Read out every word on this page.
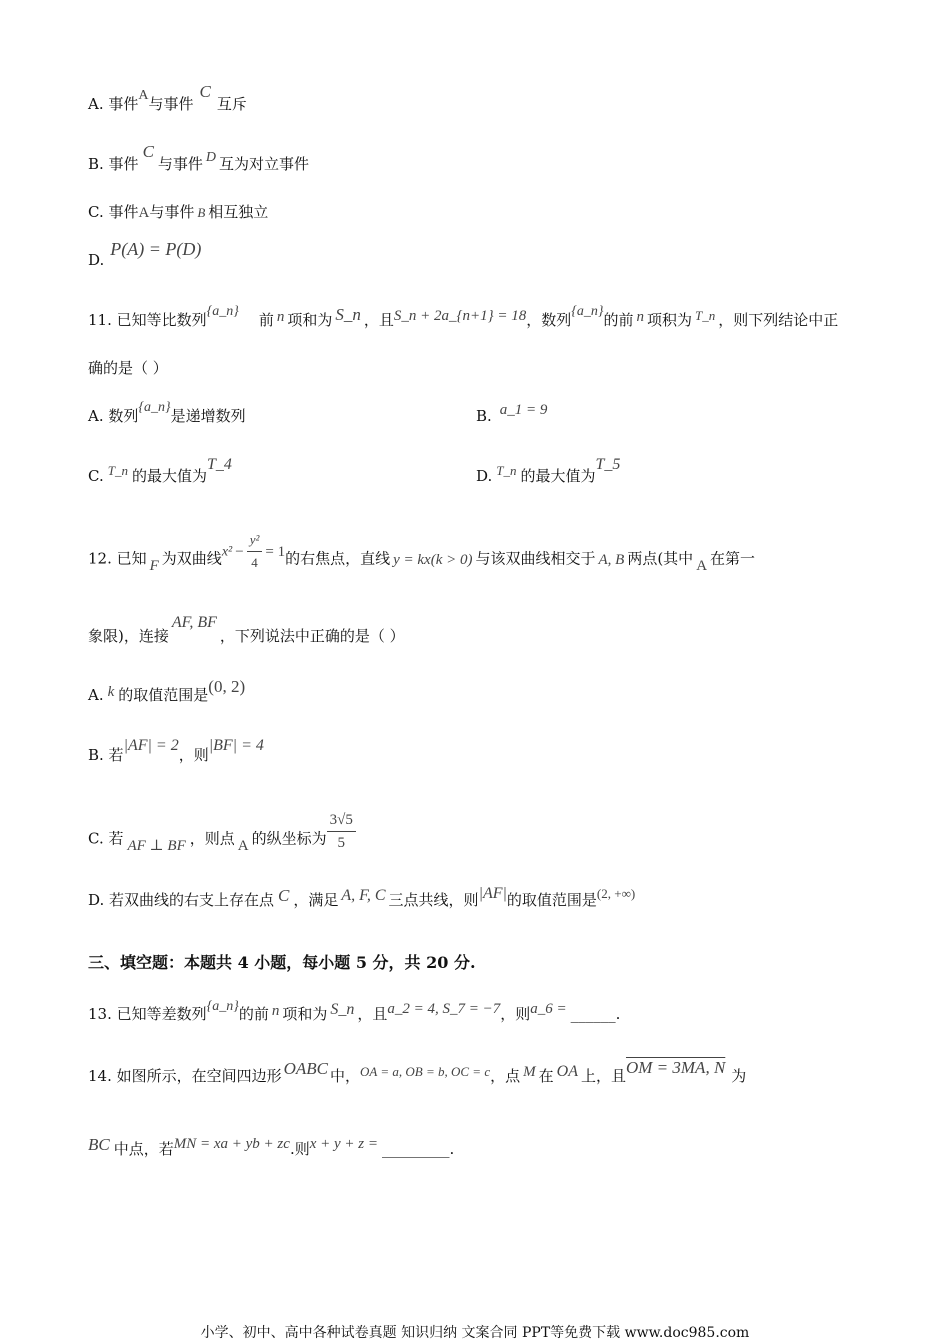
A. 事件A与事件C互斥
B. 事件C与事件 D 互为对立事件
C. 事件A与事件 B 相互独立
D.P(A) = P(D)
11. 已知等比数列{a_n} 前 n 项和为 S_n ，且S_n + 2a_{n+1} = 18，数列{a_n}的前 n 项积为 T_n ，则下列结论中正
确的是（ ）
A. 数列{a_n}是递增数列	B. a_1 = 9
C. T_n 的最大值为T_4
D. T_n 的最大值为T_5
12. 已知 F 为双曲线$x^2 - \frac{\text{y²}}{4} = 1$的右焦点，直线 y = kx(k > 0) 与该双曲线相交于 A, B 两点(其中 A 在第一
象限)，连接AF, BF，下列说法中正确的是（ ）
A. k 的取值范围是(0, 2)
B. 若|AF| = 2，则|BF| = 4
C. 若 AF ⊥ BF ，则点 A 的纵坐标为 $\frac{3√5}{5}$
D. 若双曲线的右支上存在点 C ，满足 A, F, C 三点共线，则|AF|的取值范围是(2, +∞)
三、填空题：本题共 4 小题，每小题 5 分，共 20 分.
13. 已知等差数列{a_n}的前 n 项和为 S_n ，且a_2 = 4, S_7 = −7，则a_6 = ______.
14. 如图所示，在空间四边形 OABC 中，OA = a, OB = b, OC = c，点 M 在 OA 上，且OM = 3MA, N 为
BC 中点，若MN = xa + yb + zc.则x + y + z = _________.
小学、初中、高中各种试卷真题 知识归纳 文案合同 PPT等免费下载 www.doc985.com
